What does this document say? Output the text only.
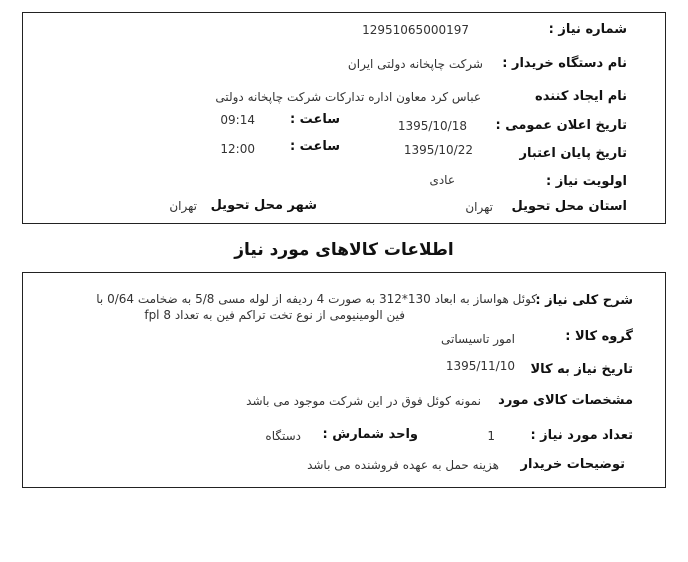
شماره نیاز :
12951065000197
نام دستگاه خریدار :
شرکت چاپخانه دولتی ایران
نام ایجاد کننده
عباس کرد معاون اداره تدارکات شرکت چاپخانه دولتی
تاریخ اعلان عمومی :
1395/10/18
ساعت :
09:14
تاریخ پایان اعتبار
1395/10/22
ساعت :
12:00
اولویت نیاز :
عادی
استان محل تحویل
تهران
شهر محل تحویل
تهران
اطلاعات کالاهای مورد نیاز
شرح کلی نیاز :
کوئل هواساز به ابعاد 130*312 به صورت 4 ردیفه از لوله مسی 5/8 به ضخامت 0/64 با
فین الومینیومی از نوع تخت تراکم فین به تعداد 8 fpl
گروه کالا :
امور تاسیساتی
تاریخ نیاز به کالا
1395/11/10
مشخصات کالای مورد
نمونه کوئل فوق در این شرکت موجود می باشد
تعداد مورد نیاز :
1
واحد شمارش :
دستگاه
توضیحات خریدار
هزینه حمل به عهده فروشنده می باشد
